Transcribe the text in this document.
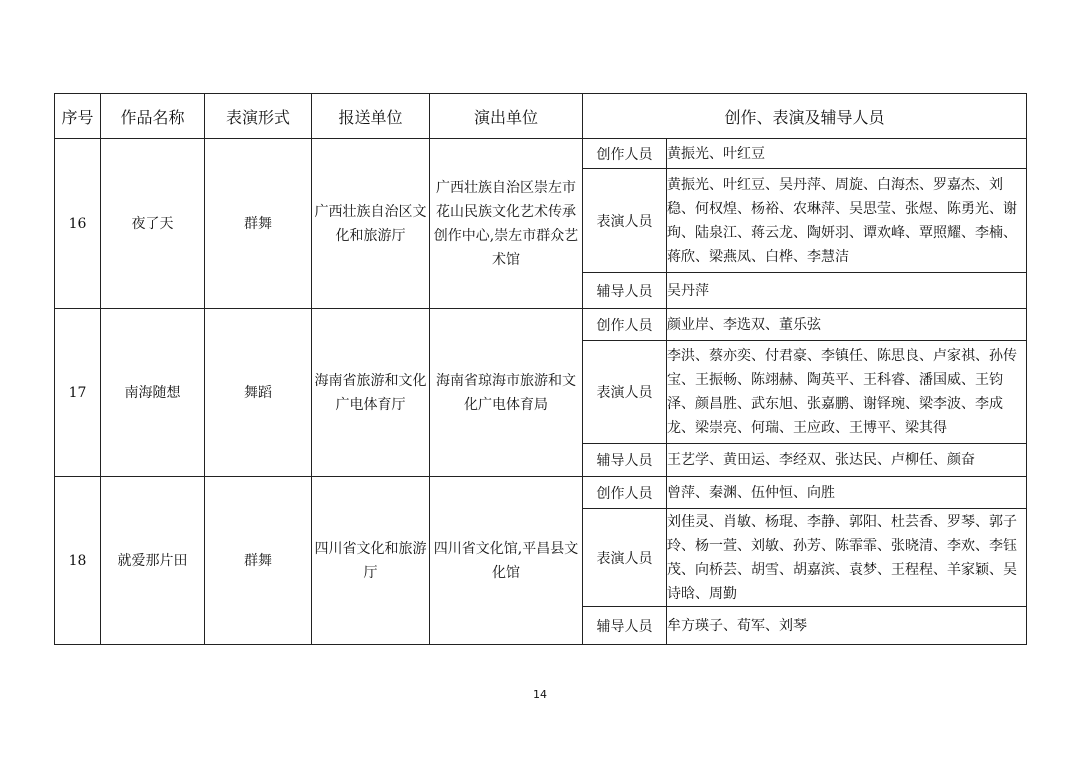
序号	作品名称	表演形式	报送单位	演出单位	创作、表演及辅导人员	
16	夜了天	群舞	广西壮族自治区文化和旅游厅	广西壮族自治区崇左市花山民族文化艺术传承创作中心,崇左市群众艺术馆	创作人员	黄振光、叶红豆
					表演人员	黄振光、叶红豆、吴丹萍、周旋、白海杰、罗嘉杰、刘稳、何权煌、杨裕、农琳萍、吴思莹、张煜、陈勇光、谢珣、陆泉江、蒋云龙、陶妍羽、谭欢峰、覃照耀、李楠、蒋欣、梁燕凤、白桦、李慧洁
					辅导人员	吴丹萍
17	南海随想	舞蹈	海南省旅游和文化广电体育厅	海南省琼海市旅游和文化广电体育局	创作人员	颜业岸、李选双、董乐弦
					表演人员	李洪、蔡亦奕、付君豪、李镇任、陈思良、卢家祺、孙传宝、王振畅、陈翊赫、陶英平、王科睿、潘国威、王钧泽、颜昌胜、武东旭、张嘉鹏、谢铎琬、梁李波、李成龙、梁崇亮、何瑞、王应政、王博平、梁其得
					辅导人员	王艺学、黄田运、李经双、张达民、卢柳任、颜奋
18	就爱那片田	群舞	四川省文化和旅游厅	四川省文化馆,平昌县文化馆	创作人员	曾萍、秦渊、伍仲恒、向胜
					表演人员	刘佳灵、肖敏、杨琨、李静、郭阳、杜芸香、罗琴、郭子玲、杨一萱、刘敏、孙芳、陈霏霏、张晓清、李欢、李钰茂、向桥芸、胡雪、胡嘉滨、袁梦、王程程、羊家颖、吴诗晗、周勤
					辅导人员	牟方瑛子、荀军、刘琴
14
